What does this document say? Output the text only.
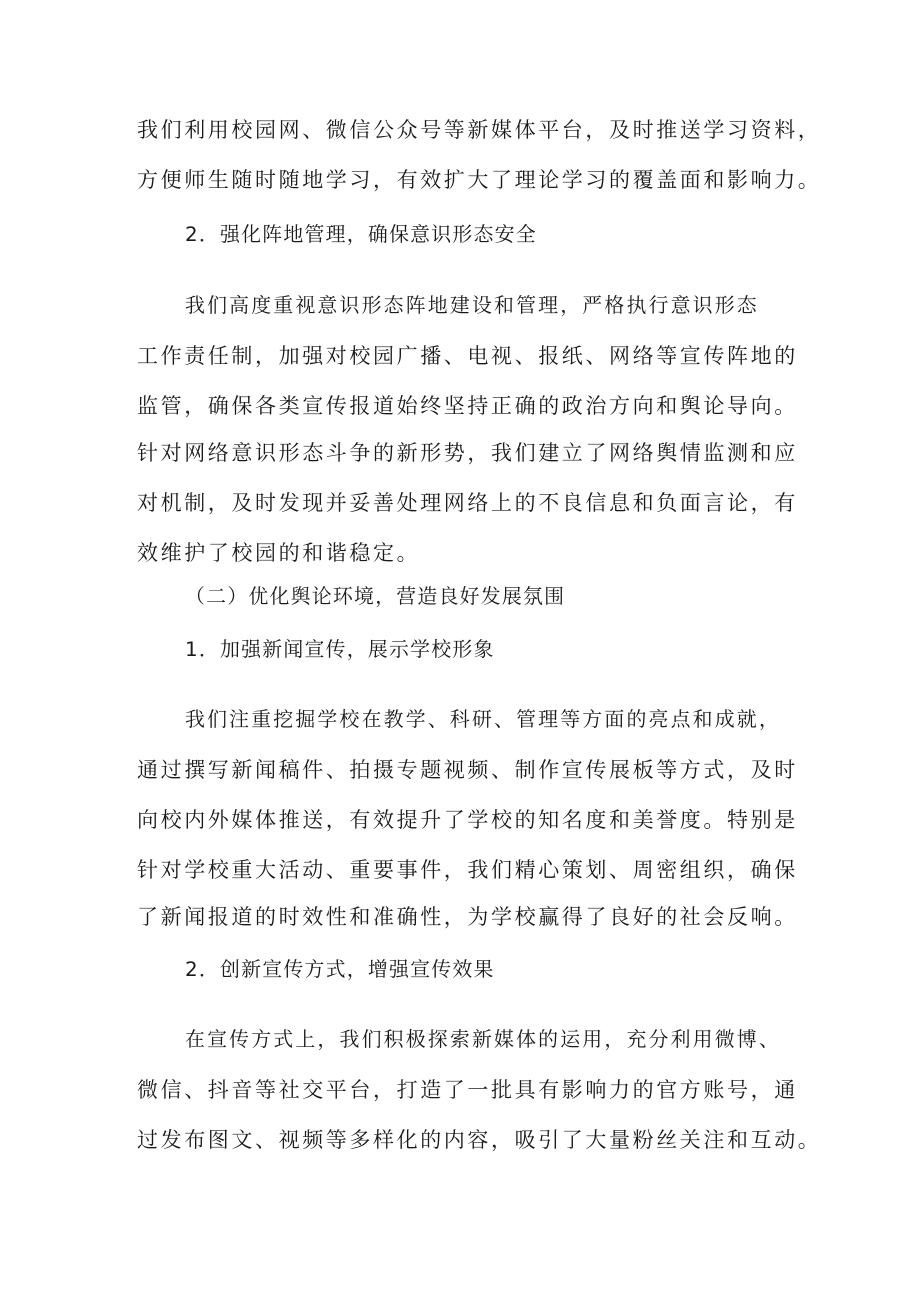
我们利用校园网、微信公众号等新媒体平台，及时推送学习资料，
方便师生随时随地学习，有效扩大了理论学习的覆盖面和影响力。
2．强化阵地管理，确保意识形态安全
我们高度重视意识形态阵地建设和管理，严格执行意识形态
工作责任制，加强对校园广播、电视、报纸、网络等宣传阵地的
监管，确保各类宣传报道始终坚持正确的政治方向和舆论导向。
针对网络意识形态斗争的新形势，我们建立了网络舆情监测和应
对机制，及时发现并妥善处理网络上的不良信息和负面言论，有
效维护了校园的和谐稳定。
（二）优化舆论环境，营造良好发展氛围
1．加强新闻宣传，展示学校形象
我们注重挖掘学校在教学、科研、管理等方面的亮点和成就，
通过撰写新闻稿件、拍摄专题视频、制作宣传展板等方式，及时
向校内外媒体推送，有效提升了学校的知名度和美誉度。特别是
针对学校重大活动、重要事件，我们精心策划、周密组织，确保
了新闻报道的时效性和准确性，为学校赢得了良好的社会反响。
2．创新宣传方式，增强宣传效果
在宣传方式上，我们积极探索新媒体的运用，充分利用微博、
微信、抖音等社交平台，打造了一批具有影响力的官方账号，通
过发布图文、视频等多样化的内容，吸引了大量粉丝关注和互动。
